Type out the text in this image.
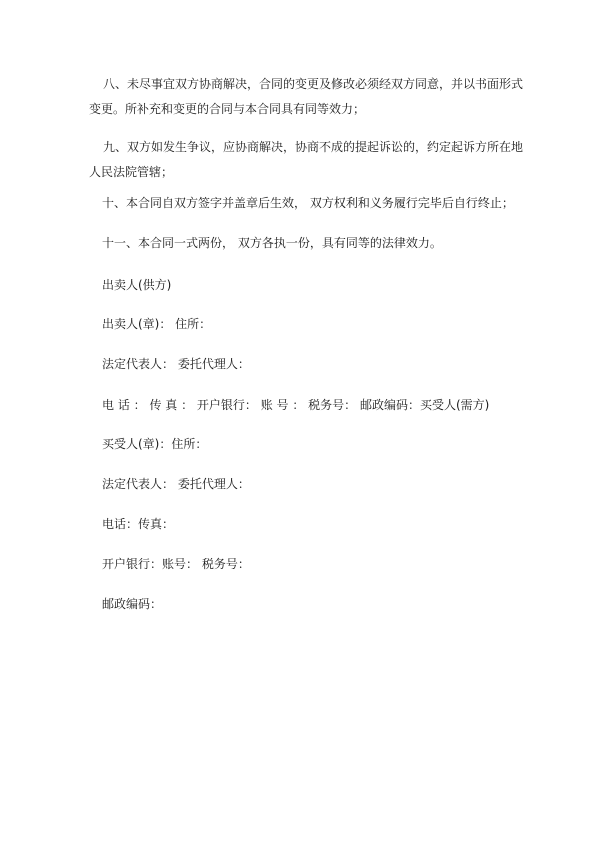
八、未尽事宜双方协商解决，合同的变更及修改必须经双方同意，并以书面形式
变更。所补充和变更的合同与本合同具有同等效力；
九、双方如发生争议，应协商解决，协商不成的提起诉讼的，约定起诉方所在地
人民法院管辖；
十、本合同自双方签字并盖章后生效， 双方权利和义务履行完毕后自行终止；
十一、本合同一式两份， 双方各执一份，具有同等的法律效力。
出卖人(供方)
出卖人(章)： 住所：
法定代表人： 委托代理人：
电 话 ： 传 真 ： 开户银行： 账 号 ： 税务号： 邮政编码：买受人(需方)
买受人(章)：住所：
法定代表人： 委托代理人：
电话：传真：
开户银行：账号： 税务号：
邮政编码：
